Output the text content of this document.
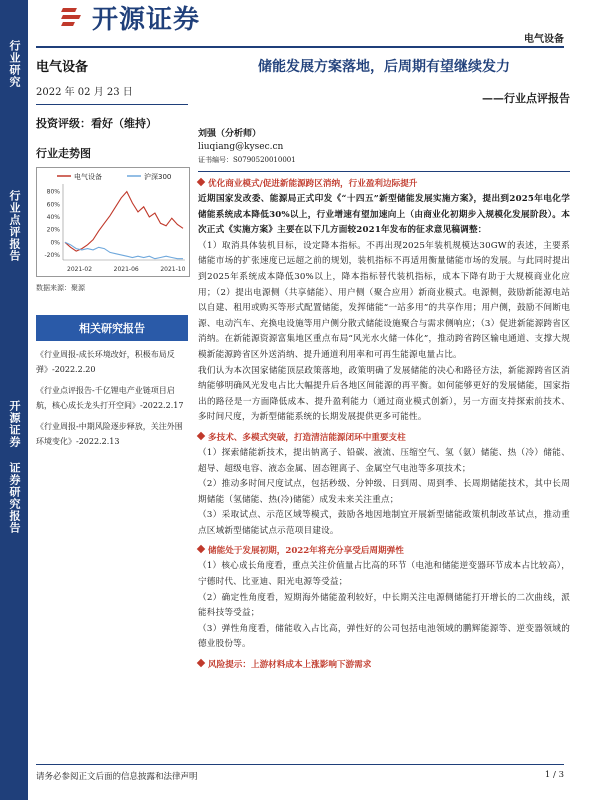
行业研究
行业点评报告
开源证券 证券研究报告
开源证券
电气设备
电气设备
2022 年 02 月 23 日
投资评级：看好（维持）
行业走势图
电气设备	沪深300
80%
60%
40%
20%
0%
-20%
2021-02	2021-06	2021-10
数据来源：聚源
相关研究报告
《行业周报-成长环境改好，积极布局反弹》-2022.2.20
《行业点评报告-千亿锂电产业链项目启航，核心成长龙头打开空间》-2022.2.17
《行业周报-中期风险逐步释放，关注外围环境变化》-2022.2.13
储能发展方案落地，后周期有望继续发力
——行业点评报告
刘强（分析师）
liuqiang@kysec.cn
证书编号：S0790520010001
优化商业模式/促进新能源跨区消纳，行业盈利边际提升
近期国家发改委、能源局正式印发《“十四五”新型储能发展实施方案》，提出到2025年电化学储能系统成本降低30%以上，行业增速有望加速向上（由商业化初期步入规模化发展阶段）。本次正式《实施方案》主要在以下几方面较2021年发布的征求意见稿调整：
（1）取消具体装机目标，设定降本指标。不再出现2025年装机规模达30GW的表述，主要系储能市场的扩张速度已远超之前的规划，装机指标不再适用衡量储能市场的发展。与此同时提出到2025年系统成本降低30%以上，降本指标替代装机指标，成本下降有助于大规模商业化应用；（2）提出电源侧（共享储能）、用户侧（聚合应用）新商业模式。电源侧，鼓励新能源电站以自建、租用或购买等形式配置储能，发挥储能“一站多用”的共享作用；用户侧，鼓励不间断电源、电动汽车、充换电设施等用户侧分散式储能设施聚合与需求侧响应；（3）促进新能源跨省区消纳。在新能源资源富集地区重点布局“风光水火储一体化”，推动跨省跨区输电通道、支撑大规模新能源跨省区外送消纳、提升通道利用率和可再生能源电量占比。
我们认为本次国家储能顶层政策落地，政策明确了发展储能的决心和路径方法，新能源跨省区消纳能够明确风光发电占比大幅提升后各地区间能源的再平衡。如何能够更好的发展储能，国家指出的路径是一方面降低成本、提升盈利能力（通过商业模式创新），另一方面支持探索前技术、多时间尺度，为新型储能系统的长期发展提供更多可能性。
多技术、多模式突破，打造清洁能源闭环中重要支柱
（1）探索储能新技术，提出钠离子、铅碳、液流、压缩空气、氢（氨）储能、热（冷）储能、超导、超级电容、液态金属、固态锂离子、金属空气电池等多项技术；
（2）推动多时间尺度试点，包括秒级、分钟级、日到周、周到季、长周期储能技术，其中长周期储能（氢储能、热(冷)储能）成发未来关注重点；
（3）采取试点、示范区域等模式，鼓励各地因地制宜开展新型储能政策机制改革试点，推动重点区域新型储能试点示范项目建设。
储能处于发展初期，2022年将充分享受后周期弹性
（1）核心成长角度看，重点关注价值量占比高的环节（电池和储能逆变器环节成本占比较高），宁德时代、比亚迪、阳光电源等受益；
（2）确定性角度看，短期海外储能盈利较好，中长期关注电源侧储能打开增长的二次曲线，派能科技等受益；
（3）弹性角度看，储能收入占比高，弹性好的公司包括电池领域的鹏辉能源等、逆变器领域的德业股份等。
风险提示：上游材料成本上涨影响下游需求
请务必参阅正文后面的信息披露和法律声明	1 / 3
